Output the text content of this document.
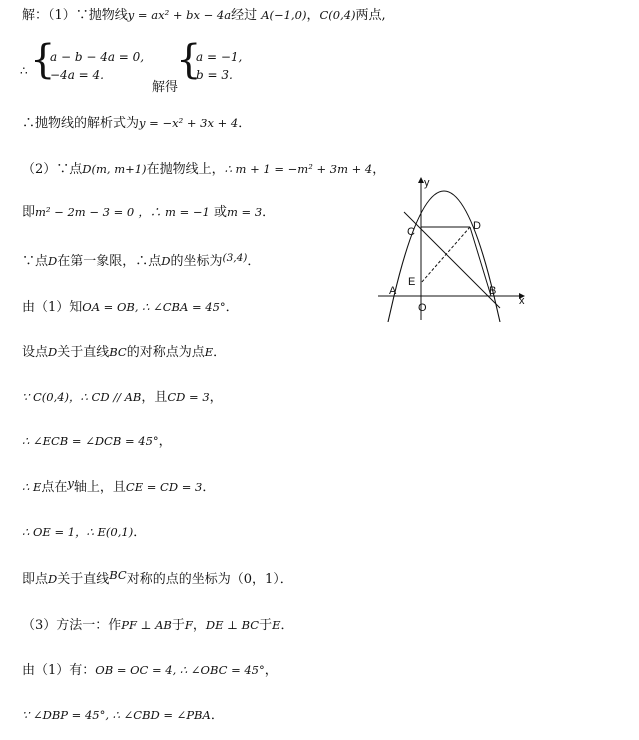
解：（1）∵抛物线y = ax² + bx − 4a经过 A(−1,0)，C(0,4)两点,
∴ {
a − b − 4a = 0,
−4a = 4.
解得
{
a = −1,
b = 3.
∴抛物线的解析式为y = −x² + 3x + 4．
（2）∵点D(m, m+1)在抛物线上，∴ m + 1 = −m² + 3m + 4，
即m² − 2m − 3 = 0 ，∴ m = −1 或m = 3．
∵点D在第一象限，∴点D的坐标为$^{(3,4)}$．
由（1）知OA = OB, ∴ ∠CBA = 45°．
设点D关于直线BC的对称点为点E．
∵ C(0,4)，∴ CD // AB，且CD = 3，
∴ ∠ECB = ∠DCB = 45°，
∴ E点在y轴上，且CE = CD = 3．
∴ OE = 1，∴ E(0,1)．
即点D关于直线BC对称的点的坐标为（0，1）．
（3）方法一：作PF ⊥ AB于F，DE ⊥ BC于E．
由（1）有：OB = OC = 4, ∴ ∠OBC = 45°，
∵ ∠DBP = 45°, ∴ ∠CBD = ∠PBA．
y
x
C	D
E
A
O
B
